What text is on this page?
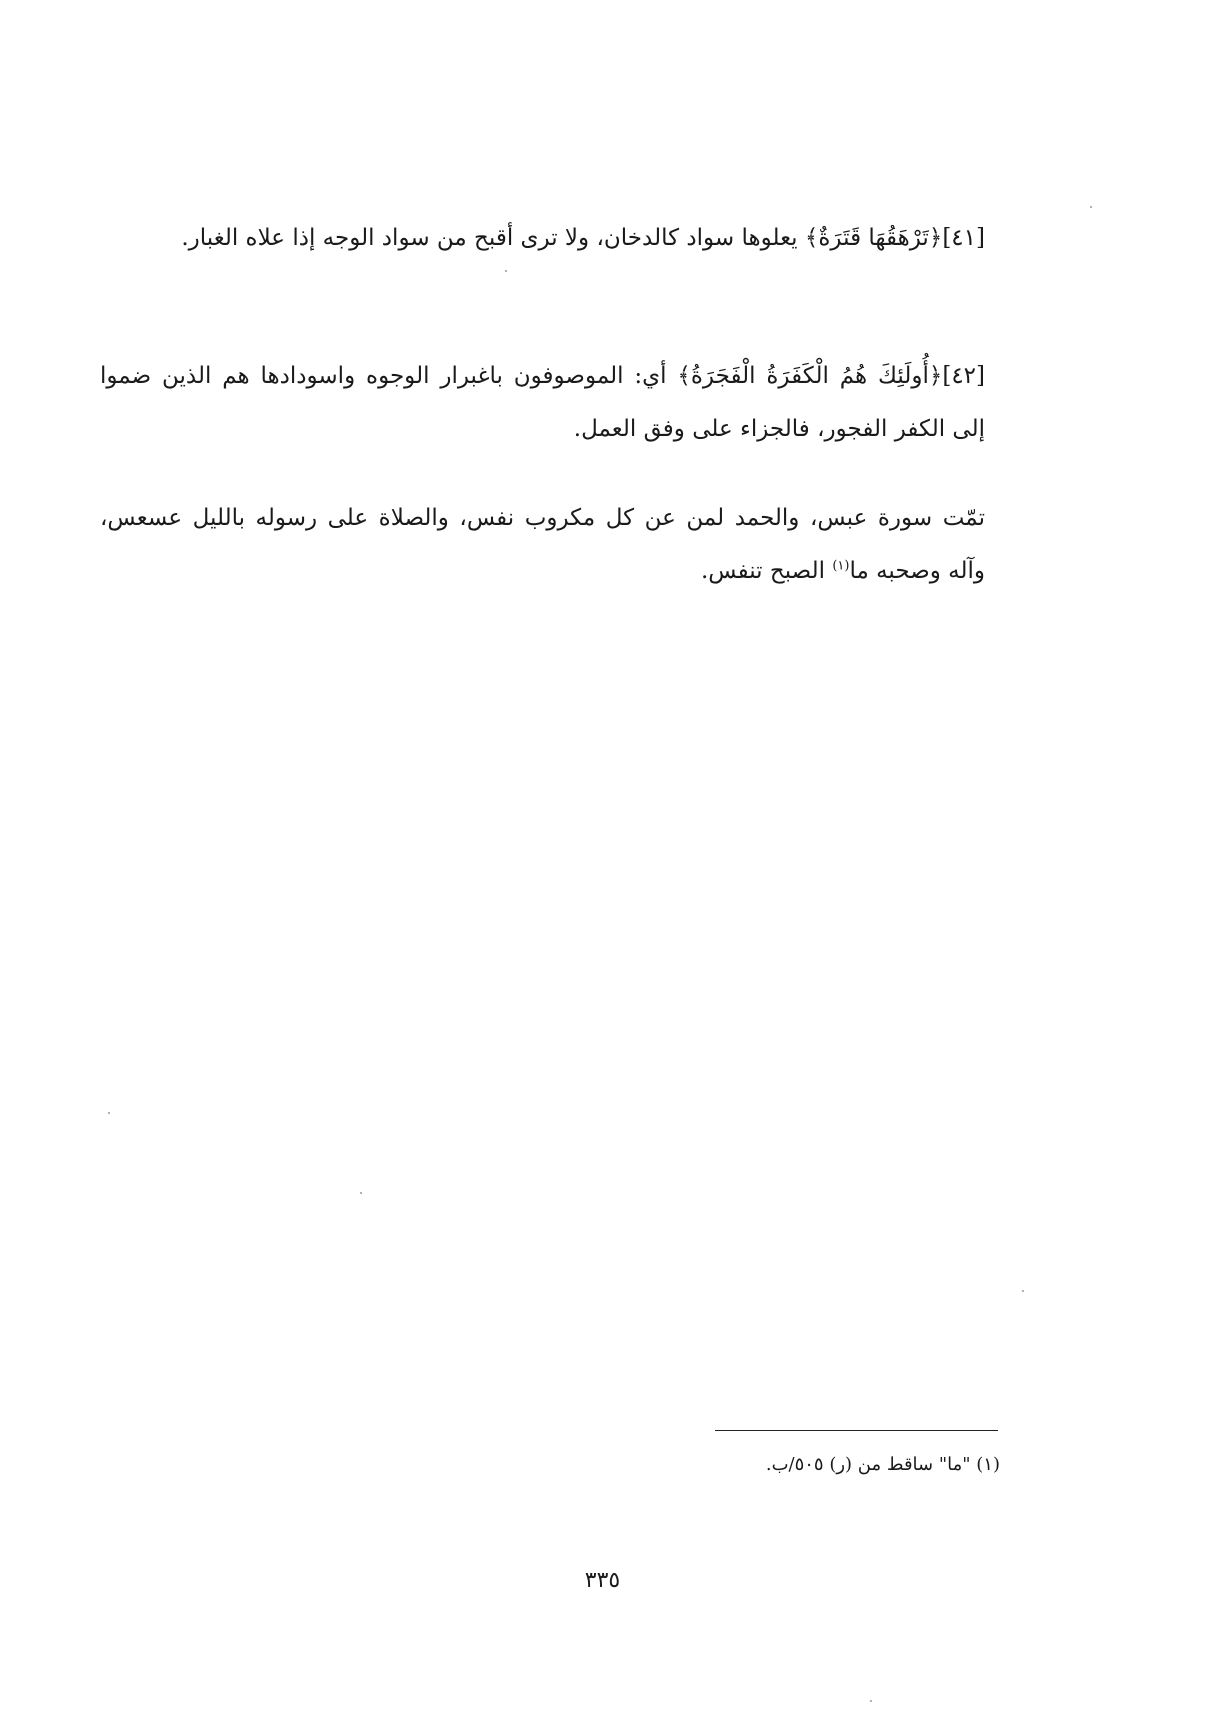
[٤١]﴿تَرْهَقُهَا قَتَرَةٌ﴾ يعلوها سواد كالدخان، ولا ترى أقبح من سواد الوجه إذا علاه الغبار.

[٤٢]﴿أُولَئِكَ هُمُ الْكَفَرَةُ الْفَجَرَةُ﴾ أي: الموصوفون باغبرار الوجوه واسودادها هم الذين ضموا إلى الكفر الفجور، فالجزاء على وفق العمل.

تمّت سورة عبس، والحمد لمن عن كل مكروب نفس، والصلاة على رسوله بالليل عسعس، وآله وصحبه ما$^{(١)}$ الصبح تنفس.

(١) "ما" ساقط من (ر) ٥٠٥/ب.

٣٣٥
